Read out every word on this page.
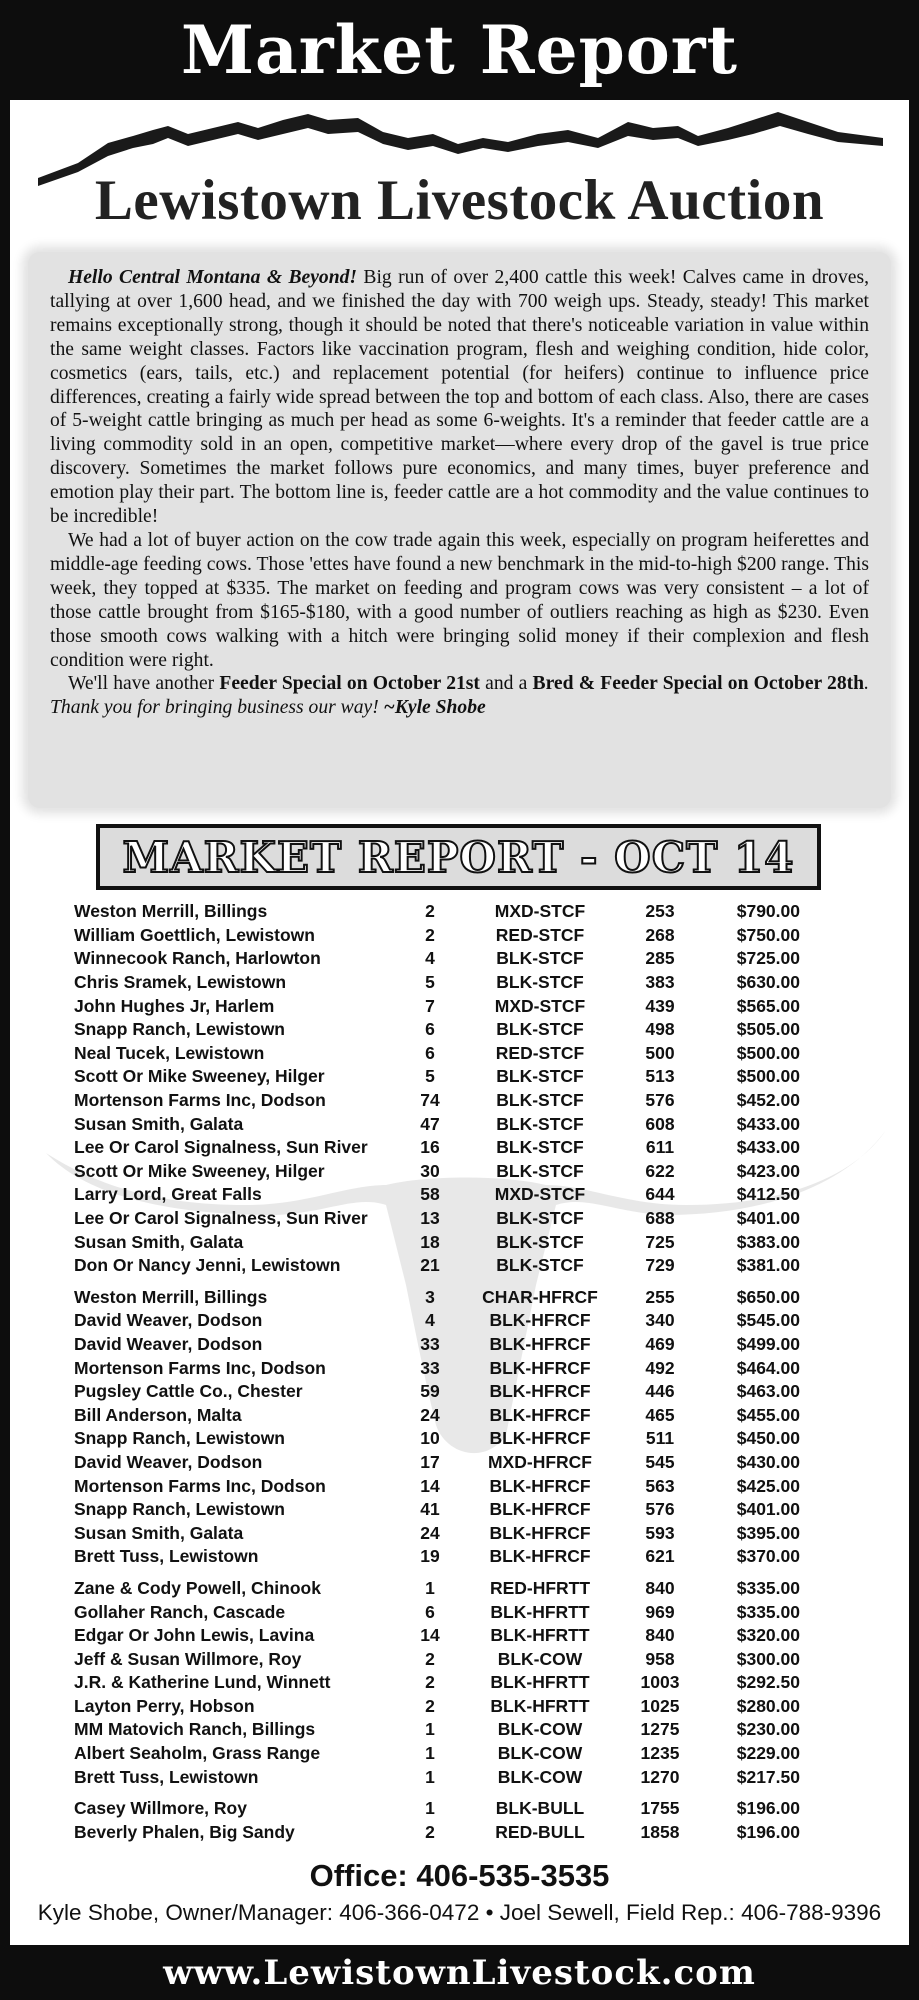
Market Report
Lewistown Livestock Auction

Hello Central Montana & Beyond! Big run of over 2,400 cattle this week! Calves came in droves, tallying at over 1,600 head, and we finished the day with 700 weigh ups. Steady, steady! This market remains exceptionally strong, though it should be noted that there's noticeable variation in value within the same weight classes. Factors like vaccination program, flesh and weighing condition, hide color, cosmetics (ears, tails, etc.) and replacement potential (for heifers) continue to influence price differences, creating a fairly wide spread between the top and bottom of each class. Also, there are cases of 5-weight cattle bringing as much per head as some 6-weights. It's a reminder that feeder cattle are a living commodity sold in an open, competitive market—where every drop of the gavel is true price discovery. Sometimes the market follows pure economics, and many times, buyer preference and emotion play their part. The bottom line is, feeder cattle are a hot commodity and the value continues to be incredible!

We had a lot of buyer action on the cow trade again this week, especially on program heiferettes and middle-age feeding cows. Those 'ettes have found a new benchmark in the mid-to-high $200 range. This week, they topped at $335. The market on feeding and program cows was very consistent – a lot of those cattle brought from $165-$180, with a good number of outliers reaching as high as $230. Even those smooth cows walking with a hitch were bringing solid money if their complexion and flesh condition were right.

We'll have another Feeder Special on October 21st and a Bred & Feeder Special on October 28th. Thank you for bringing business our way! ~Kyle Shobe

MARKET REPORT - OCT 14
Weston Merrill, Billings	2	MXD-STCF	253	$790.00
William Goettlich, Lewistown	2	RED-STCF	268	$750.00
Winnecook Ranch, Harlowton	4	BLK-STCF	285	$725.00
Chris Sramek, Lewistown	5	BLK-STCF	383	$630.00
John Hughes Jr, Harlem	7	MXD-STCF	439	$565.00
Snapp Ranch, Lewistown	6	BLK-STCF	498	$505.00
Neal Tucek, Lewistown	6	RED-STCF	500	$500.00
Scott Or Mike Sweeney, Hilger	5	BLK-STCF	513	$500.00
Mortenson Farms Inc, Dodson	74	BLK-STCF	576	$452.00
Susan Smith, Galata	47	BLK-STCF	608	$433.00
Lee Or Carol Signalness, Sun River	16	BLK-STCF	611	$433.00
Scott Or Mike Sweeney, Hilger	30	BLK-STCF	622	$423.00
Larry Lord, Great Falls	58	MXD-STCF	644	$412.50
Lee Or Carol Signalness, Sun River	13	BLK-STCF	688	$401.00
Susan Smith, Galata	18	BLK-STCF	725	$383.00
Don Or Nancy Jenni, Lewistown	21	BLK-STCF	729	$381.00
Weston Merrill, Billings	3	CHAR-HFRCF	255	$650.00
David Weaver, Dodson	4	BLK-HFRCF	340	$545.00
David Weaver, Dodson	33	BLK-HFRCF	469	$499.00
Mortenson Farms Inc, Dodson	33	BLK-HFRCF	492	$464.00
Pugsley Cattle Co., Chester	59	BLK-HFRCF	446	$463.00
Bill Anderson, Malta	24	BLK-HFRCF	465	$455.00
Snapp Ranch, Lewistown	10	BLK-HFRCF	511	$450.00
David Weaver, Dodson	17	MXD-HFRCF	545	$430.00
Mortenson Farms Inc, Dodson	14	BLK-HFRCF	563	$425.00
Snapp Ranch, Lewistown	41	BLK-HFRCF	576	$401.00
Susan Smith, Galata	24	BLK-HFRCF	593	$395.00
Brett Tuss, Lewistown	19	BLK-HFRCF	621	$370.00
Zane & Cody Powell, Chinook	1	RED-HFRTT	840	$335.00
Gollaher Ranch, Cascade	6	BLK-HFRTT	969	$335.00
Edgar Or John Lewis, Lavina	14	BLK-HFRTT	840	$320.00
Jeff & Susan Willmore, Roy	2	BLK-COW	958	$300.00
J.R. & Katherine Lund, Winnett	2	BLK-HFRTT	1003	$292.50
Layton Perry, Hobson	2	BLK-HFRTT	1025	$280.00
MM Matovich Ranch, Billings	1	BLK-COW	1275	$230.00
Albert Seaholm, Grass Range	1	BLK-COW	1235	$229.00
Brett Tuss, Lewistown	1	BLK-COW	1270	$217.50
Casey Willmore, Roy	1	BLK-BULL	1755	$196.00
Beverly Phalen, Big Sandy	2	RED-BULL	1858	$196.00
Office: 406-535-3535
Kyle Shobe, Owner/Manager: 406-366-0472 • Joel Sewell, Field Rep.: 406-788-9396
www.LewistownLivestock.com
